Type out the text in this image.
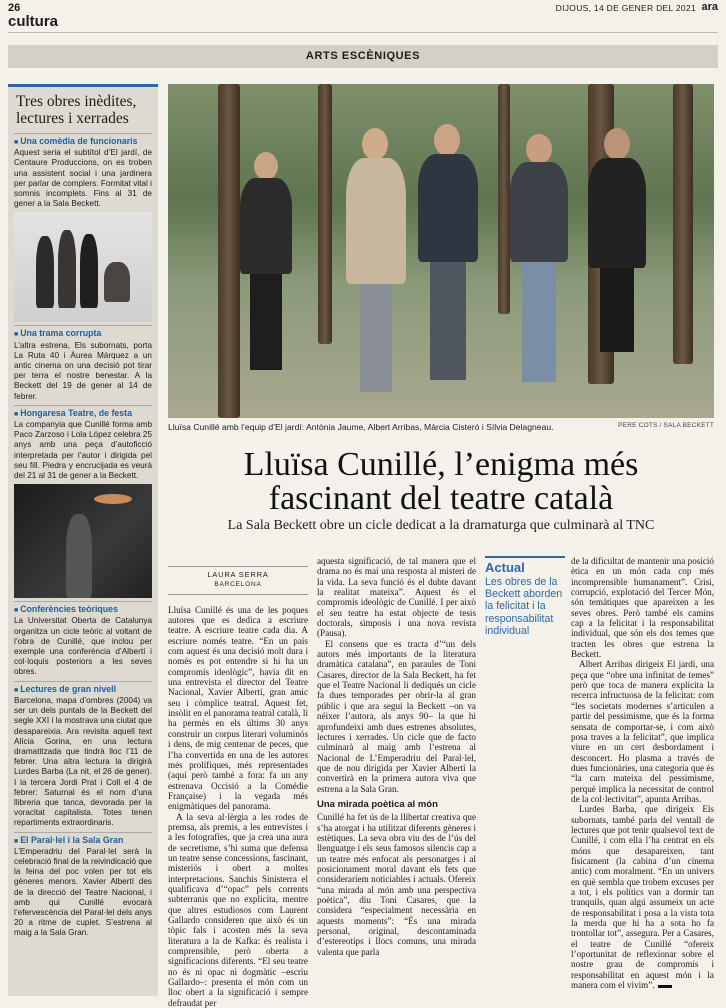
26	DIJOUS, 14 DE GENER DEL 2021 ara
cultura
ARTS ESCÈNIQUES
Tres obres inèdites, lectures i xerrades
■ Una comèdia de funcionaris
Aquest seria el subtítol d’El jardí, de Centaure Produccions, on es troben una assistent social i una jardinera per parlar de complers. Formitat vital i somnis incomplets. Fins al 31 de gener a la Sala Beckett.
■ Una trama corrupta
L’altra estrena, Els subornats, porta La Ruta 40 i Àurea Márquez a un antic cinema on una decisió pot tirar per terra el nostre benestar. A la Beckett del 19 de gener al 14 de febrer.
■ Hongaresa Teatre, de festa
La companyia que Cunillé forma amb Paco Zarzoso i Lola López celebra 25 anys amb una peça d’autoficció interpretada per l’autor i dirigida pel seu fill. Piedra y encrucijada es veurà del 21 al 31 de gener a la Beckett.
■ Conferències teòriques
La Universitat Oberta de Catalunya organitza un cicle teòric al voltant de l’obra de Cunillé, que inclou per exemple una conferència d’Albertí i col·loquis posteriors a les seves obres.
■ Lectures de gran nivell
Barcelona, mapa d’ombres (2004) va ser un dels puntals de la Beckett del segle XXI i la mostrava una ciutat que desapareixia. Ara revisita aquell text Alícia Gorina, en una lectura dramatitzada que tindrà lloc l’11 de febrer. Una altra lectura la dirigirà Lurdes Barba (La nit, el 26 de gener). I la tercera Jordi Prat i Coll el 4 de febrer: Saturnal és el nom d’una llibreria que tanca, devorada per la voracitat capitalista. Totes tenen repartiments extraordinaris.
■ El Paral·lel i la Sala Gran
L’Emperadriu del Paral·lel serà la celebració final de la reivindicació que la feina del poc volen per tot els gèneres menors. Xavier Albertí des de la direcció del Teatre Nacional, i amb qui Cunillé evocarà l’efervescència del Paral·lel dels anys 20 a ritme de cuplet. S’estrena al maig a la Sala Gran.
Lluïsa Cunillé amb l’equip d’El jardí: Antònia Jaume, Albert Arribas, Màrcia Cisteró i Sílvia Delagneau.	PERE COTS / SALA BECKETT
Lluïsa Cunillé, l’enigma més
fascinant del teatre català
La Sala Beckett obre un cicle dedicat a la dramaturga que culminarà al TNC
LAURA SERRA
BARCELONA

Lluïsa Cunillé és una de les poques autores que es dedica a escriure teatre. A escriure teatre cada dia. A escriure només teatre. “En un país com aquest és una decisió molt dura i només es pot entendre si hi ha un compromís ideològic”, havia dit en una entrevista el director del Teatre Nacional, Xavier Albertí, gran amic seu i còmplice teatral. Aquest fet, insòlit en el panorama teatral català, li ha permès en els últims 30 anys construir un corpus literari voluminós i dens, de mig centenar de peces, que l’ha convertida en una de les autores més prolífiques, més representades (aquí però també a fora: fa un any estrenava Occisió a la Comédie Française) i la vegada més enigmàtiques del panorama.

A la seva al·lèrgia a les rodes de premsa, als premis, a les entrevistes i a les fotografies, que ja crea una aura de secretisme, s’hi suma que defensa un teatre sense concessions, fascinant, misteriós i obert a moltes interpretacions. Sanchis Sinisterra el qualificava d’“opac” pels corrents subterranis que no explicita, mentre que altres estudiosos com Laurent Gallardo consideren que això és un tòpic fals i acosten més la seva literatura a la de Kafka: és realista i comprensible, però oberta a significacions diferents. “El seu teatre no és ni opac ni dogmàtic –escriu Gallardo–: presenta el món com un lloc obert a la significació i sempre defraudat per

aquesta significació, de tal manera que el drama no és mai una resposta al misteri de la vida. La seva funció és el dubte davant la realitat mateixa”. Aquest és el compromís ideològic de Cunillé. I per això el seu teatre ha estat objecte de tesis doctorals, simposis i una nova revista (Pausa).

El consens que es tracta d’“un dels autors més importants de la literatura dramàtica catalana”, en paraules de Toni Casares, director de la Sala Beckett, ha fet que el Teatre Nacional li dediqués un cicle fa dues temporades per obrir-la al gran públic i que ara segui la Beckett –on va néixer l’autora, als anys 90– la que hi aprofundeixi amb dues estrenes absolutes, lectures i xerrades. Un cicle que de facto culminarà al maig amb l’estrena al Nacional de L’Emperadriu del Paral·lel, que de nou dirigida per Xavier Albertí la convertirà en la primera autora viva que estrena a la Sala Gran.

Una mirada poètica al món

Cunillé ha fet ús de la llibertat creativa que s’ha atorgat i ha utilitzat diferents gèneres i estètiques. La seva obra viu des de l’ús del llenguatge i els seus famosos silencis cap a un teatre més enfocat als personatges i al posicionament moral davant els fets que consideraríem noticiables i actuals. Ofereix “una mirada al món amb una perspectiva poètica”, diu Toni Casares, que la considera “especialment necessària en aquests moments”: “És una mirada personal, original, descontaminada d’estereotips i llocs comuns, una mirada valenta que parla

Actual
Les obres de la Beckett aborden la felicitat i la responsabilitat individual

de la dificultat de mantenir una posició ètica en un món cada cop més incomprensible humanament”. Crisi, corrupció, explotació del Tercer Món, són temàtiques que apareixen a les seves obres. Però també els camins cap a la felicitat i la responsabilitat individual, que són els dos temes que tracten les obres que estrena la Beckett.

Albert Arribas dirigeix El jardí, una peça que “obre una infinitat de temes” però que toca de manera explícita la recerca infructuosa de la felicitat: com “les societats modernes s’articulen a partir del pessimisme, que és la forma sensata de comportar-se, i com això posa traves a la felicitat”, que implica viure en un cert desbordament i desconcert. Ho plasma a través de dues funcionàries, una categoria que és “la carn mateixa del pessimisme, perquè implica la necessitat de control de la col·lectivitat”, apunta Arribas.

Lurdes Barba, que dirigeix Els subornats, també parla del ventall de lectures que pot tenir qualsevol text de Cunillé, i com ella l’ha centrat en els móns que desapareixen, tant físicament (la cabina d’un cinema antic) com moralment. “En un univers en què sembla que trobem excuses per a tot, i els polítics van a dormir tan tranquils, quan algú assumeix un acte de responsabilitat i posa a la vista tota la merda que hi ha a sota ho fa trontollar tot”, assegura. Per a Casares, el teatre de Cunillé “ofereix l’oportunitat de reflexionar sobre el nostre grau de compromís i responsabilitat en aquest món i la manera com el vivim”.
